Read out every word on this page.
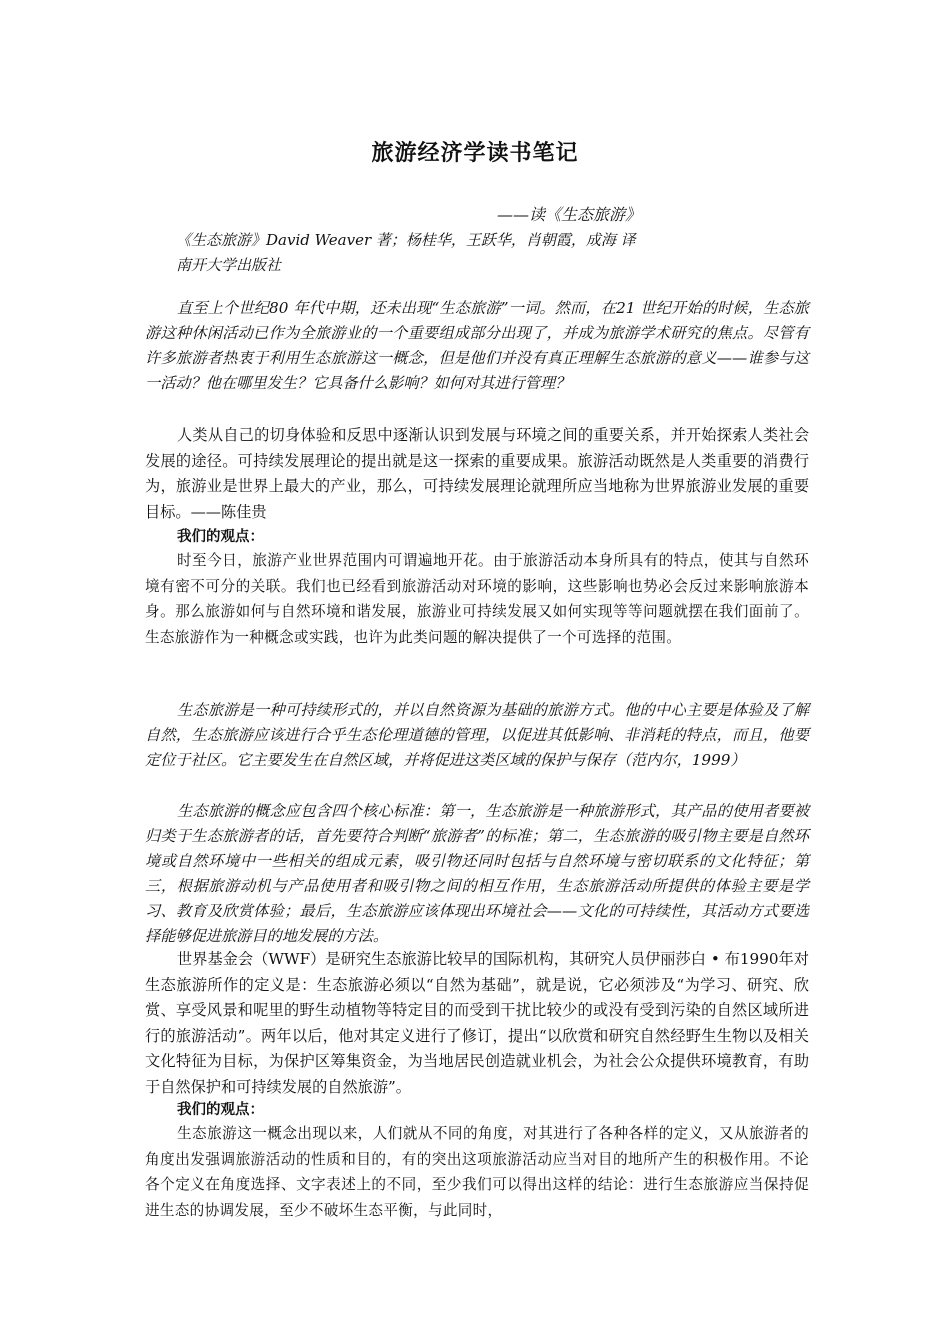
旅游经济学读书笔记

——读《生态旅游》

《生态旅游》David Weaver 著；杨桂华，王跃华，肖朝霞，成海 译

南开大学出版社

直至上个世纪80 年代中期，还未出现“生态旅游”一词。然而，在21 世纪开始的时候，生态旅游这种休闲活动已作为全旅游业的一个重要组成部分出现了，并成为旅游学术研究的焦点。尽管有许多旅游者热衷于利用生态旅游这一概念，但是他们并没有真正理解生态旅游的意义——谁参与这一活动？他在哪里发生？它具备什么影响？如何对其进行管理？

人类从自己的切身体验和反思中逐渐认识到发展与环境之间的重要关系，并开始探索人类社会发展的途径。可持续发展理论的提出就是这一探索的重要成果。旅游活动既然是人类重要的消费行为，旅游业是世界上最大的产业，那么，可持续发展理论就理所应当地称为世界旅游业发展的重要目标。——陈佳贵

我们的观点：

时至今日，旅游产业世界范围内可谓遍地开花。由于旅游活动本身所具有的特点，使其与自然环境有密不可分的关联。我们也已经看到旅游活动对环境的影响，这些影响也势必会反过来影响旅游本身。那么旅游如何与自然环境和谐发展，旅游业可持续发展又如何实现等等问题就摆在我们面前了。生态旅游作为一种概念或实践，也许为此类问题的解决提供了一个可选择的范围。

生态旅游是一种可持续形式的，并以自然资源为基础的旅游方式。他的中心主要是体验及了解自然，生态旅游应该进行合乎生态伦理道德的管理，以促进其低影响、非消耗的特点，而且，他要定位于社区。它主要发生在自然区域，并将促进这类区域的保护与保存（范内尔，1999）

生态旅游的概念应包含四个核心标准：第一，生态旅游是一种旅游形式，其产品的使用者要被归类于生态旅游者的话，首先要符合判断“旅游者”的标准；第二，生态旅游的吸引物主要是自然环境或自然环境中一些相关的组成元素，吸引物还同时包括与自然环境与密切联系的文化特征；第三，根据旅游动机与产品使用者和吸引物之间的相互作用，生态旅游活动所提供的体验主要是学习、教育及欣赏体验；最后，生态旅游应该体现出环境社会——文化的可持续性，其活动方式要选择能够促进旅游目的地发展的方法。

世界基金会（WWF）是研究生态旅游比较早的国际机构，其研究人员伊丽莎白 • 布1990年对生态旅游所作的定义是：生态旅游必须以“自然为基础”，就是说，它必须涉及“为学习、研究、欣赏、享受风景和呢里的野生动植物等特定目的而受到干扰比较少的或没有受到污染的自然区域所进行的旅游活动”。两年以后，他对其定义进行了修订，提出“以欣赏和研究自然经野生生物以及相关文化特征为目标，为保护区筹集资金，为当地居民创造就业机会，为社会公众提供环境教育，有助于自然保护和可持续发展的自然旅游”。

我们的观点：

生态旅游这一概念出现以来，人们就从不同的角度，对其进行了各种各样的定义，又从旅游者的角度出发强调旅游活动的性质和目的，有的突出这项旅游活动应当对目的地所产生的积极作用。不论各个定义在角度选择、文字表述上的不同，至少我们可以得出这样的结论：进行生态旅游应当保持促进生态的协调发展，至少不破坏生态平衡，与此同时，
